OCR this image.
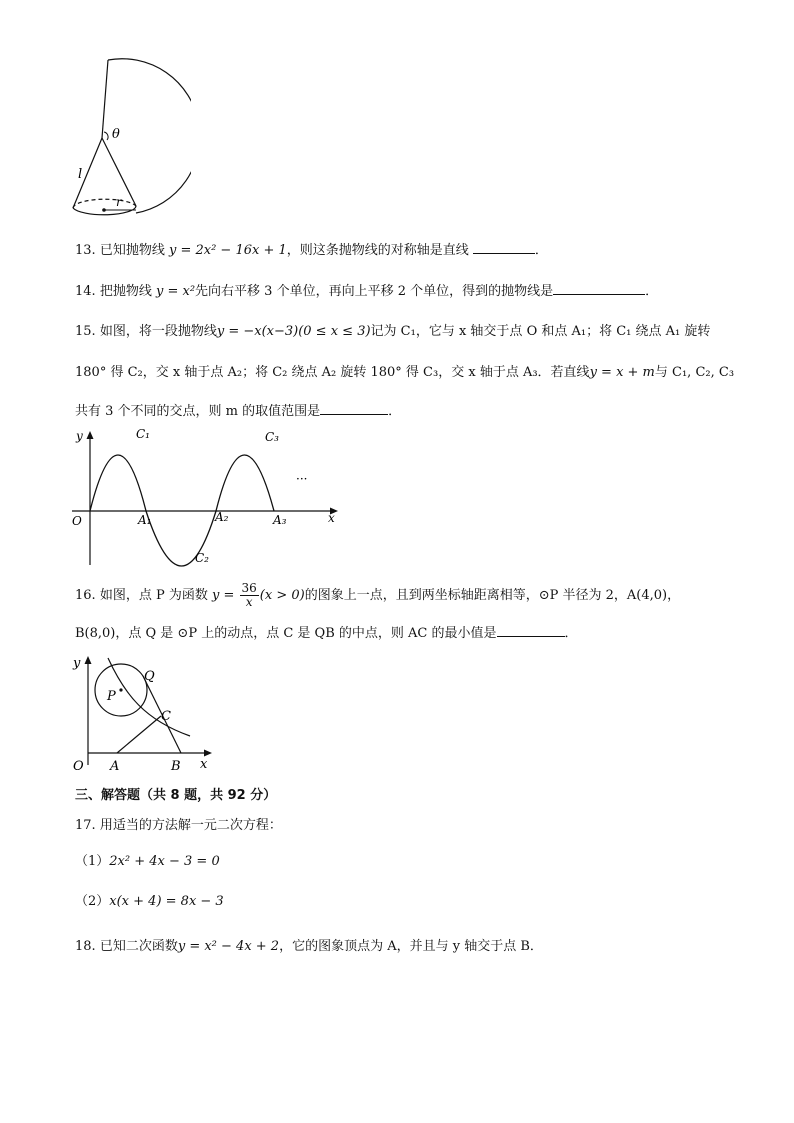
θ
l
r
13. 已知抛物线 y = 2x² − 16x + 1，则这条抛物线的对称轴是直线	．
14. 把抛物线 y = x²先向右平移 3 个单位，再向上平移 2 个单位，得到的抛物线是	．
15. 如图，将一段抛物线y = −x(x−3)(0 ≤ x ≤ 3)记为 C₁，它与 x 轴交于点 O 和点 A₁；将 C₁ 绕点 A₁ 旋转
180° 得 C₂，交 x 轴于点 A₂；将 C₂ 绕点 A₂ 旋转 180° 得 C₃，交 x 轴于点 A₃．若直线y = x + m与 C₁, C₂, C₃
共有 3 个不同的交点，则 m 的取值范围是	．
y
x
O	A₁	A₂	A₃
C₁
C₂
C₃
···
16. 如图，点 P 为函数 $y = \frac{36}{x} (x > 0)$的图象上一点，且到两坐标轴距离相等，⊙P 半径为 2，A(4,0)，
B(8,0)，点 Q 是 ⊙P 上的动点，点 C 是 QB 的中点，则 AC 的最小值是	．
y
x
O A	B
C
P
Q
三、解答题（共 8 题，共 92 分）
17. 用适当的方法解一元二次方程：
（1）2x² + 4x − 3 = 0
（2）x(x + 4) = 8x − 3
18. 已知二次函数y = x² − 4x + 2，它的图象顶点为 A，并且与 y 轴交于点 B．
